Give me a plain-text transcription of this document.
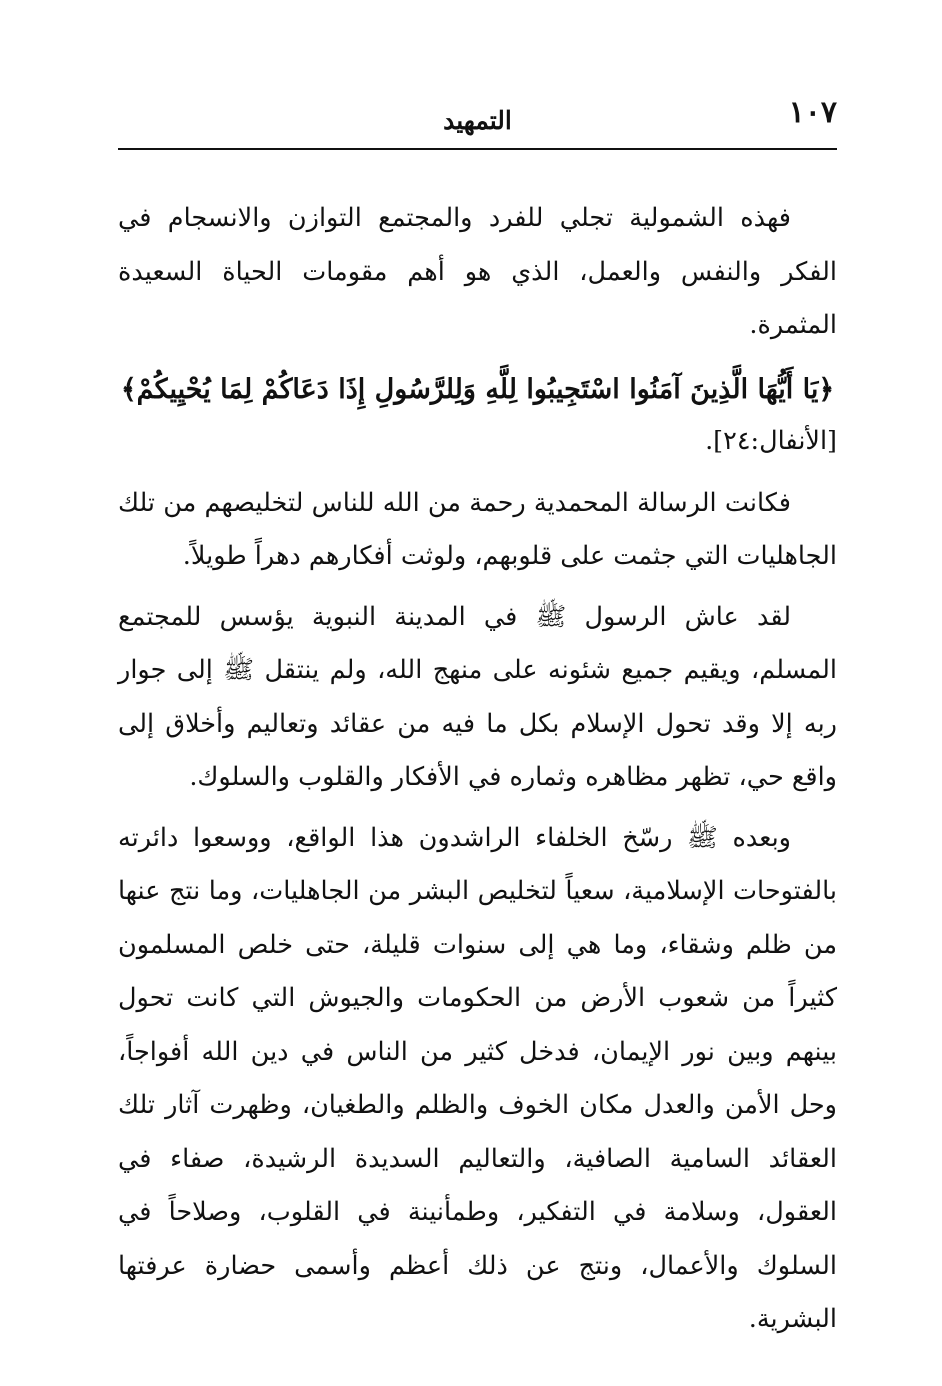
١٠٧
التمهيد

فهذه الشمولية تجلي للفرد والمجتمع التوازن والانسجام في الفكر والنفس والعمل، الذي هو أهم مقومات الحياة السعيدة المثمرة.

﴿يَا أَيُّهَا الَّذِينَ آمَنُوا اسْتَجِيبُوا لِلَّهِ وَلِلرَّسُولِ إِذَا دَعَاكُمْ لِمَا يُحْيِيكُمْ﴾

[الأنفال:٢٤].

فكانت الرسالة المحمدية رحمة من الله للناس لتخليصهم من تلك الجاهليات التي جثمت على قلوبهم، ولوثت أفكارهم دهراً طويلاً.

لقد عاش الرسول ﷺ في المدينة النبوية يؤسس للمجتمع المسلم، ويقيم جميع شئونه على منهج الله، ولم ينتقل ﷺ إلى جوار ربه إلا وقد تحول الإسلام بكل ما فيه من عقائد وتعاليم وأخلاق إلى واقع حي، تظهر مظاهره وثماره في الأفكار والقلوب والسلوك.

وبعده ﷺ رسّخ الخلفاء الراشدون هذا الواقع، ووسعوا دائرته بالفتوحات الإسلامية، سعياً لتخليص البشر من الجاهليات، وما نتج عنها من ظلم وشقاء، وما هي إلى سنوات قليلة، حتى خلص المسلمون كثيراً من شعوب الأرض من الحكومات والجيوش التي كانت تحول بينهم وبين نور الإيمان، فدخل كثير من الناس في دين الله أفواجاً، وحل الأمن والعدل مكان الخوف والظلم والطغيان، وظهرت آثار تلك العقائد السامية الصافية، والتعاليم السديدة الرشيدة، صفاء في العقول، وسلامة في التفكير، وطمأنينة في القلوب، وصلاحاً في السلوك والأعمال، ونتج عن ذلك أعظم وأسمى حضارة عرفتها البشرية.
